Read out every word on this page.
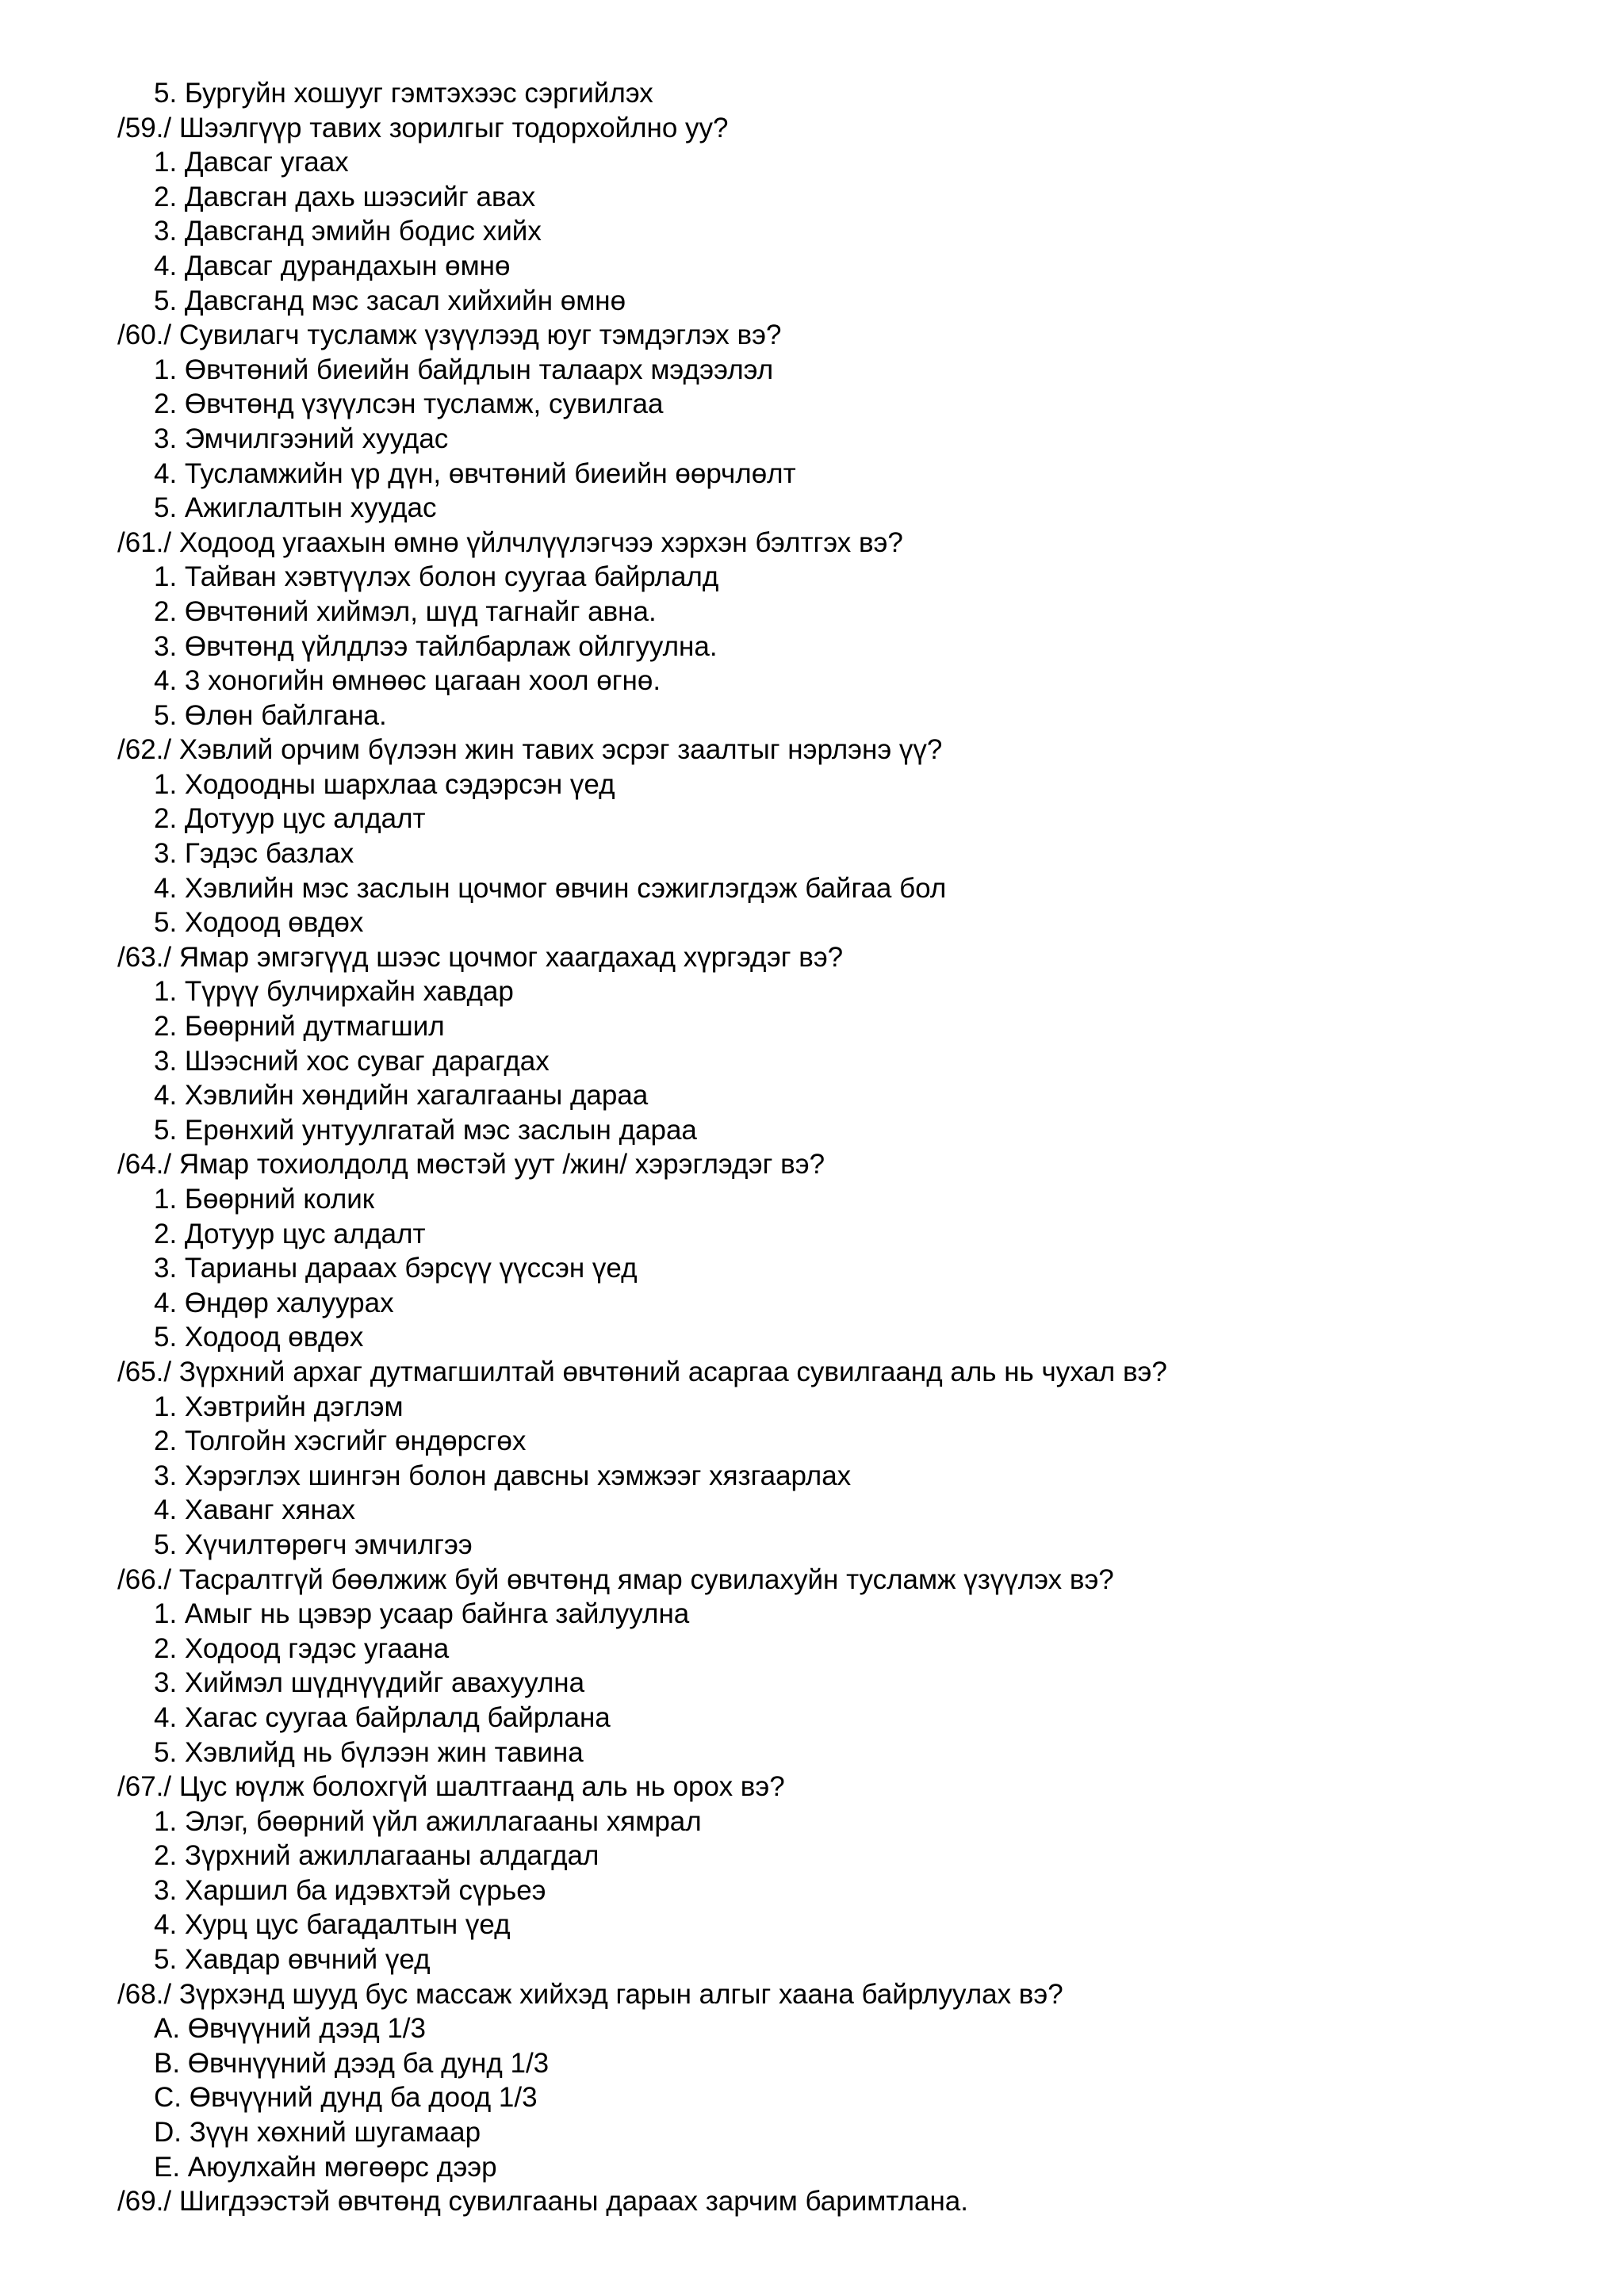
5. Бургуйн хошууг гэмтэхээс сэргийлэх
/59./ Шээлгүүр тавих зорилгыг тодорхойлно уу?
1. Давсаг угаах
2. Давсган дахь шээсийг авах
3. Давсганд эмийн бодис хийх
4. Давсаг дурандахын өмнө
5. Давсганд мэс засал хийхийн өмнө
/60./ Сувилагч тусламж үзүүлээд юуг тэмдэглэх вэ?
1. Өвчтөний биеийн байдлын талаарх мэдээлэл
2. Өвчтөнд үзүүлсэн тусламж, сувилгаа
3. Эмчилгээний хуудас
4. Тусламжийн үр дүн, өвчтөний биеийн өөрчлөлт
5. Ажиглалтын хуудас
/61./ Ходоод угаахын өмнө үйлчлүүлэгчээ хэрхэн бэлтгэх вэ?
1. Тайван хэвтүүлэх болон суугаа байрлалд
2. Өвчтөний хиймэл, шүд тагнайг авна.
3. Өвчтөнд үйлдлээ тайлбарлаж ойлгуулна.
4. 3 хоногийн өмнөөс цагаан хоол өгнө.
5. Өлөн байлгана.
/62./ Хэвлий орчим бүлээн жин тавих эсрэг заалтыг нэрлэнэ үү?
1. Ходоодны шархлаа сэдэрсэн үед
2. Дотуур цус алдалт
3. Гэдэс базлах
4. Хэвлийн мэс заслын цочмог өвчин сэжиглэгдэж байгаа бол
5. Ходоод өвдөх
/63./ Ямар эмгэгүүд шээс цочмог хаагдахад хүргэдэг вэ?
1. Түрүү булчирхайн хавдар
2. Бөөрний дутмагшил
3. Шээсний хос суваг дарагдах
4. Хэвлийн хөндийн хагалгааны дараа
5. Ерөнхий унтуулгатай мэс заслын дараа
/64./ Ямар тохиолдолд мөстэй уут /жин/ хэрэглэдэг вэ?
1. Бөөрний колик
2. Дотуур цус алдалт
3. Тарианы дараах бэрсүү үүссэн үед
4. Өндөр халуурах
5. Ходоод өвдөх
/65./ Зүрхний архаг дутмагшилтай өвчтөний асаргаа сувилгаанд аль нь чухал вэ?
1. Хэвтрийн дэглэм
2. Толгойн хэсгийг өндөрсгөх
3. Хэрэглэх шингэн болон давсны хэмжээг хязгаарлах
4. Хаванг хянах
5. Хүчилтөрөгч эмчилгээ
/66./ Тасралтгүй бөөлжиж буй өвчтөнд ямар сувилахуйн тусламж үзүүлэх вэ?
1. Амыг нь цэвэр усаар байнга зайлуулна
2. Ходоод гэдэс угаана
3. Хиймэл шүднүүдийг авахуулна
4. Хагас суугаа байрлалд байрлана
5. Хэвлийд нь бүлээн жин тавина
/67./ Цус юүлж болохгүй шалтгаанд аль нь орох вэ?
1. Элэг, бөөрний үйл ажиллагааны хямрал
2. Зүрхний ажиллагааны алдагдал
3. Харшил ба идэвхтэй сүрьеэ
4. Хурц цус багадалтын үед
5. Хавдар өвчний үед
/68./ Зүрхэнд шууд бус массаж хийхэд гарын алгыг хаана байрлуулах вэ?
A. Өвчүүний дээд 1/3
B. Өвчнүүний дээд ба дунд 1/3
C. Өвчүүний дунд ба доод 1/3
D. Зүүн хөхний шугамаар
E. Аюулхайн мөгөөрс дээр
/69./ Шигдээстэй өвчтөнд сувилгааны дараах зарчим баримтлана.
